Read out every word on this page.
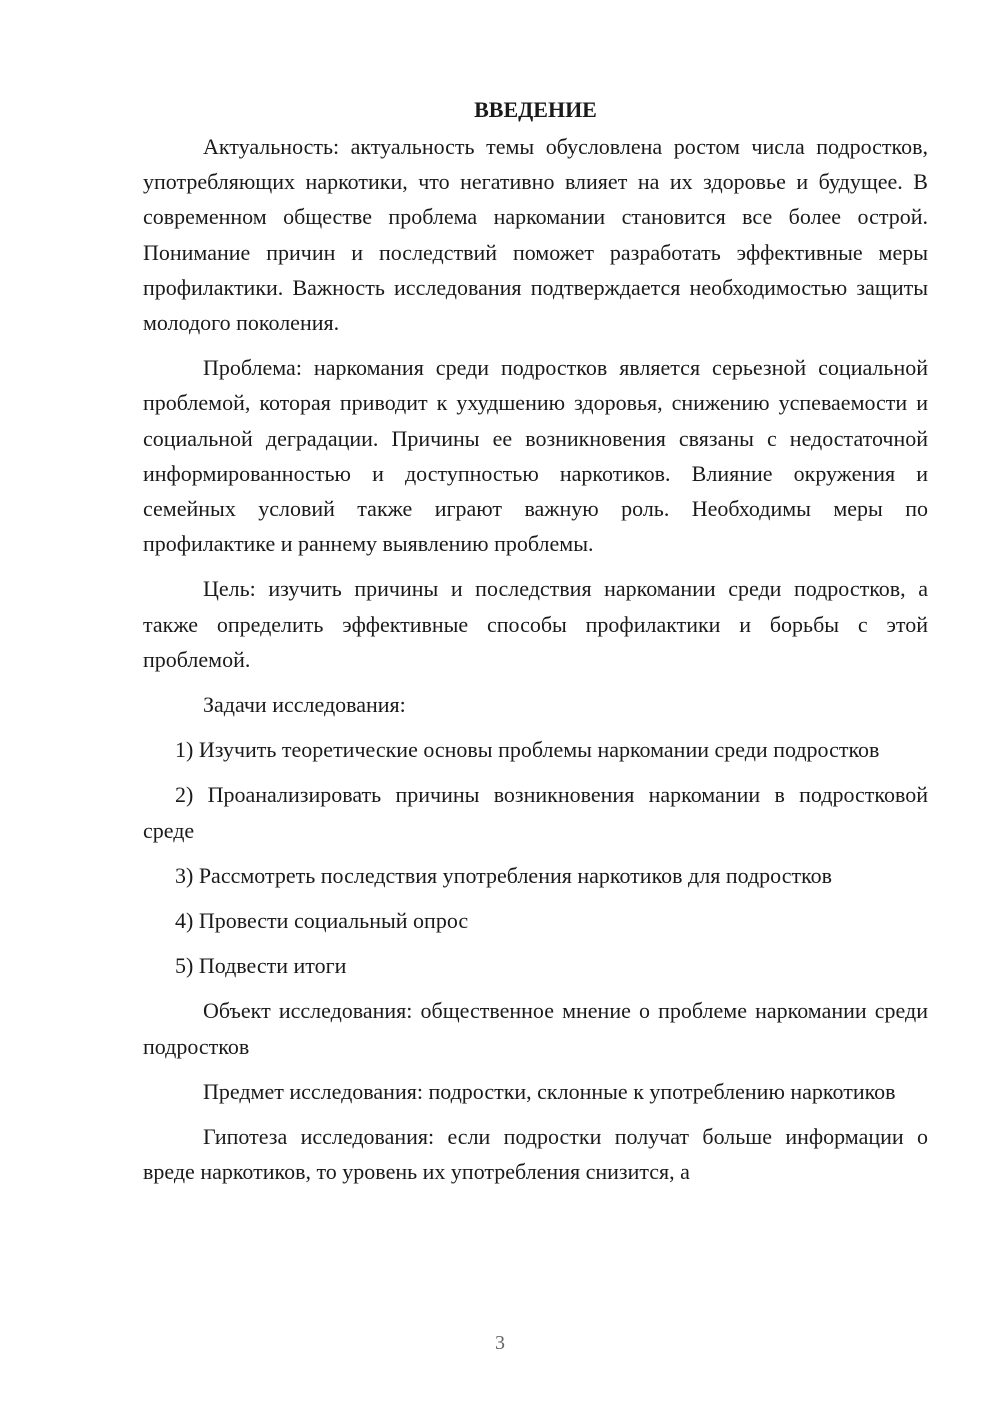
ВВЕДЕНИЕ

Актуальность: актуальность темы обусловлена ростом числа подростков, употребляющих наркотики, что негативно влияет на их здоровье и будущее. В современном обществе проблема наркомании становится все более острой. Понимание причин и последствий поможет разработать эффективные меры профилактики. Важность исследования подтверждается необходимостью защиты молодого поколения.

Проблема: наркомания среди подростков является серьезной социальной проблемой, которая приводит к ухудшению здоровья, снижению успеваемости и социальной деградации. Причины ее возникновения связаны с недостаточной информированностью и доступностью наркотиков. Влияние окружения и семейных условий также играют важную роль. Необходимы меры по профилактике и раннему выявлению проблемы.

Цель: изучить причины и последствия наркомании среди подростков, а также определить эффективные способы профилактики и борьбы с этой проблемой.

Задачи исследования:

1) Изучить теоретические основы проблемы наркомании среди подростков

2) Проанализировать причины возникновения наркомании в подростковой среде

3) Рассмотреть последствия употребления наркотиков для подростков

4) Провести социальный опрос

5) Подвести итоги

Объект исследования: общественное мнение о проблеме наркомании среди подростков

Предмет исследования: подростки, склонные к употреблению наркотиков

Гипотеза исследования: если подростки получат больше информации о вреде наркотиков, то уровень их употребления снизится, а

3
